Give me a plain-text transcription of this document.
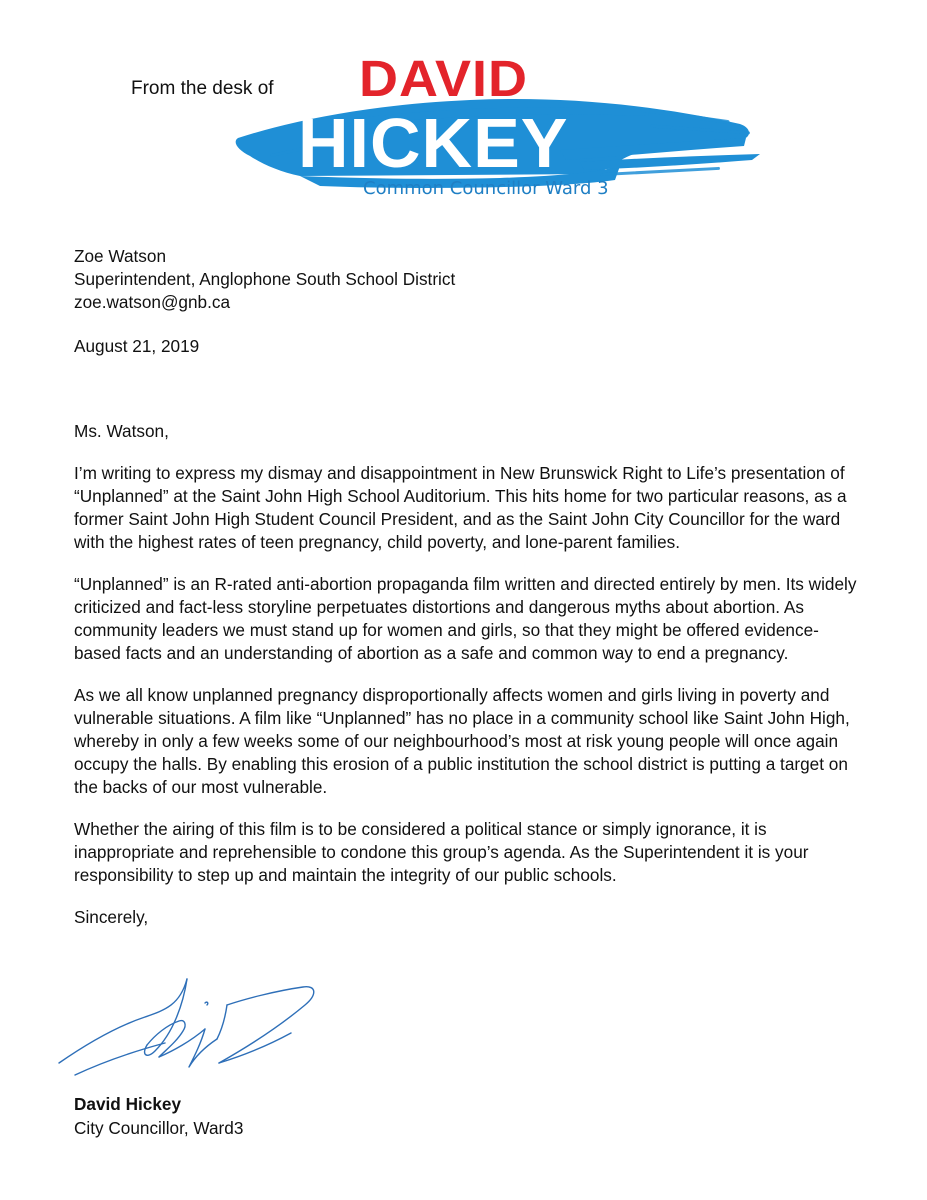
From the desk of	DAVID
HICKEY
Common Councillor Ward 3

Zoe Watson
Superintendent, Anglophone South School District
zoe.watson@gnb.ca

August 21, 2019

Ms. Watson,

I’m writing to express my dismay and disappointment in New Brunswick Right to Life’s presentation of “Unplanned” at the Saint John High School Auditorium. This hits home for two particular reasons, as a former Saint John High Student Council President, and as the Saint John City Councillor for the ward with the highest rates of teen pregnancy, child poverty, and lone-parent families.

“Unplanned” is an R-rated anti-abortion propaganda film written and directed entirely by men. Its widely criticized and fact-less storyline perpetuates distortions and dangerous myths about abortion. As community leaders we must stand up for women and girls, so that they might be offered evidence-based facts and an understanding of abortion as a safe and common way to end a pregnancy.

As we all know unplanned pregnancy disproportionally affects women and girls living in poverty and vulnerable situations. A film like “Unplanned” has no place in a community school like Saint John High, whereby in only a few weeks some of our neighbourhood’s most at risk young people will once again occupy the halls. By enabling this erosion of a public institution the school district is putting a target on the backs of our most vulnerable.

Whether the airing of this film is to be considered a political stance or simply ignorance, it is inappropriate and reprehensible to condone this group’s agenda. As the Superintendent it is your responsibility to step up and maintain the integrity of our public schools.

Sincerely,

David Hickey
City Councillor, Ward3
